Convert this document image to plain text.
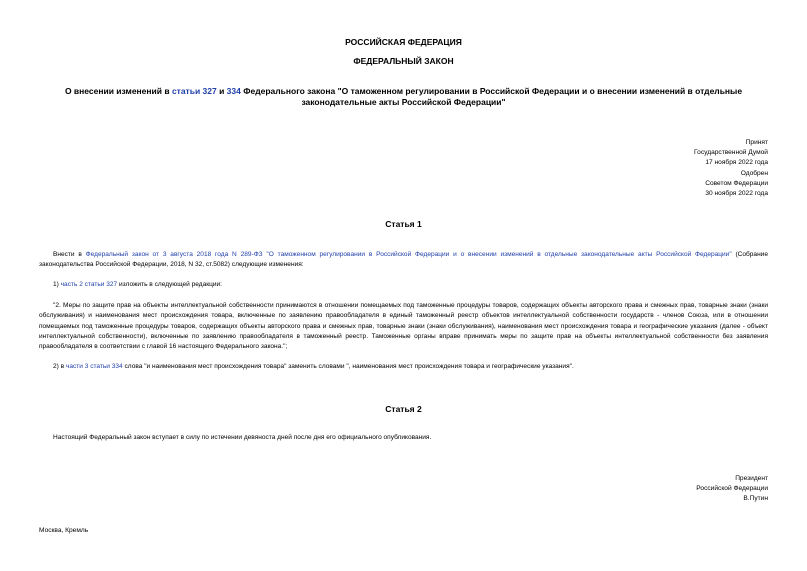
РОССИЙСКАЯ ФЕДЕРАЦИЯ
ФЕДЕРАЛЬНЫЙ ЗАКОН
О внесении изменений в статьи 327 и 334 Федерального закона "О таможенном регулировании в Российской Федерации и о внесении изменений в отдельные законодательные акты Российской Федерации"
Принят
Государственной Думой
17 ноября 2022 года
Одобрен
Советом Федерации
30 ноября 2022 года
Статья 1
Внести в Федеральный закон от 3 августа 2018 года N 289-ФЗ "О таможенном регулировании в Российской Федерации и о внесении изменений в отдельные законодательные акты Российской Федерации" (Собрание законодательства Российской Федерации, 2018, N 32, ст.5082) следующие изменения:
1) часть 2 статьи 327 изложить в следующей редакции:
"2. Меры по защите прав на объекты интеллектуальной собственности принимаются в отношении помещаемых под таможенные процедуры товаров, содержащих объекты авторского права и смежных прав, товарные знаки (знаки обслуживания) и наименования мест происхождения товара, включенные по заявлению правообладателя в единый таможенный реестр объектов интеллектуальной собственности государств - членов Союза, или в отношении помещаемых под таможенные процедуры товаров, содержащих объекты авторского права и смежных прав, товарные знаки (знаки обслуживания), наименования мест происхождения товара и географические указания (далее - объект интеллектуальной собственности), включенные по заявлению правообладателя в таможенный реестр. Таможенные органы вправе принимать меры по защите прав на объекты интеллектуальной собственности без заявления правообладателя в соответствии с главой 16 настоящего Федерального закона.";
2) в части 3 статьи 334 слова "и наименования мест происхождения товара" заменить словами ", наименования мест происхождения товара и географические указания".
Статья 2
Настоящий Федеральный закон вступает в силу по истечении девяноста дней после дня его официального опубликования.
Президент
Российской Федерации
В.Путин
Москва, Кремль
